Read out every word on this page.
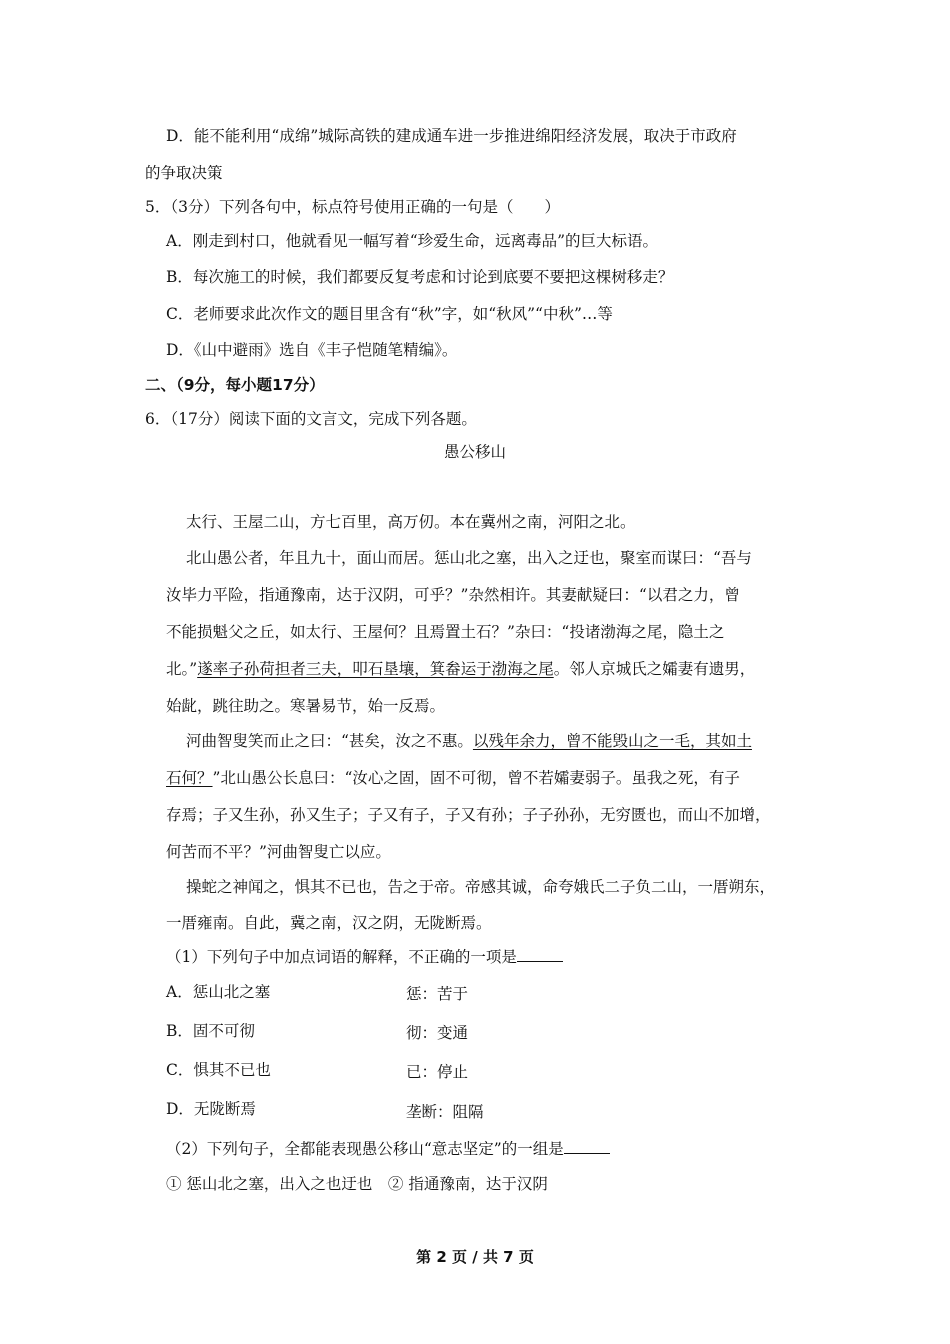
D．能不能利用“成绵”城际高铁的建成通车进一步推进绵阳经济发展，取决于市政府
的争取决策
5．（3分）下列各句中，标点符号使用正确的一句是（　　）
A．刚走到村口，他就看见一幅写着“珍爱生命，远离毒品”的巨大标语。
B．每次施工的时候，我们都要反复考虑和讨论到底要不要把这棵树移走？
C．老师要求此次作文的题目里含有“秋”字，如“秋风”“中秋”…等
D．《山中避雨》选自《丰子恺随笔精编》。
二、（9分，每小题17分）
6．（17分）阅读下面的文言文，完成下列各题。
愚公移山
太行、王屋二山，方七百里，高万仞。本在冀州之南，河阳之北。
北山愚公者，年且九十，面山而居。惩山北之塞，出入之迂也，聚室而谋曰：“吾与
汝毕力平险，指通豫南，达于汉阴，可乎？”杂然相许。其妻献疑曰：“以君之力，曾
不能损魁父之丘，如太行、王屋何？且焉置土石？”杂曰：“投诸渤海之尾，隐土之
北。”遂率子孙荷担者三夫，叩石垦壤，箕畚运于渤海之尾。邻人京城氏之孀妻有遗男，
始龀，跳往助之。寒暑易节，始一反焉。
河曲智叟笑而止之曰：“甚矣，汝之不惠。以残年余力，曾不能毁山之一毛，其如土
石何？”北山愚公长息曰：“汝心之固，固不可彻，曾不若孀妻弱子。虽我之死，有子
存焉；子又生孙，孙又生子；子又有子，子又有孙；子子孙孙，无穷匮也，而山不加增，
何苦而不平？”河曲智叟亡以应。
操蛇之神闻之，惧其不已也，告之于帝。帝感其诚，命夸娥氏二子负二山，一厝朔东，
一厝雍南。自此，冀之南，汉之阴，无陇断焉。
（1）下列句子中加点词语的解释，不正确的一项是
A．惩山北之塞	惩：苦于
B．固不可彻	彻：变通
C．惧其不已也	已：停止
D．无陇断焉	垄断：阻隔
（2）下列句子，全都能表现愚公移山“意志坚定”的一组是
① 惩山北之塞，出入之也迂也　② 指通豫南，达于汉阴
第 2 页 / 共 7 页
